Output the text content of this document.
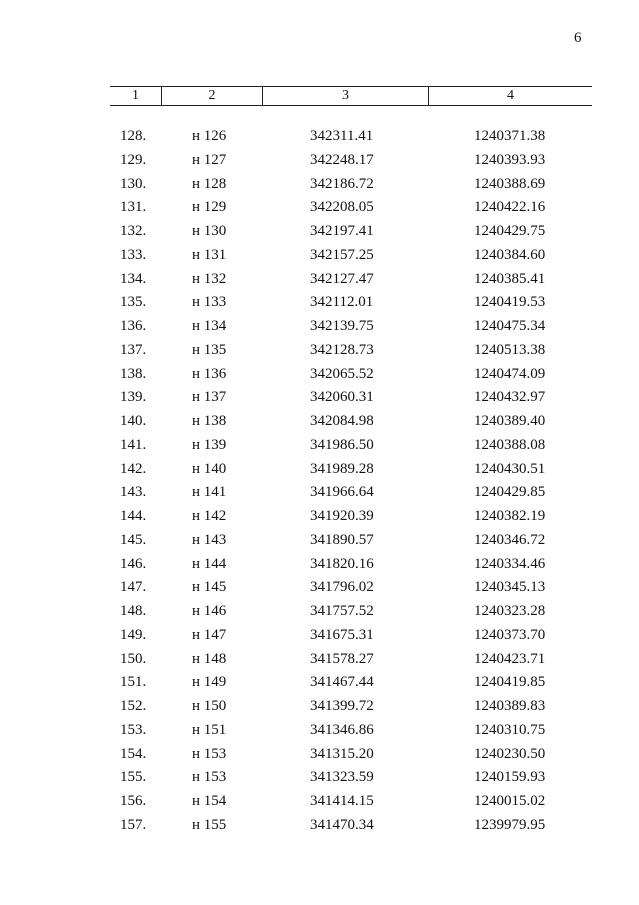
6
1	2	3	4
128.	н 126	342311.41	1240371.38
129.	н 127	342248.17	1240393.93
130.	н 128	342186.72	1240388.69
131.	н 129	342208.05	1240422.16
132.	н 130	342197.41	1240429.75
133.	н 131	342157.25	1240384.60
134.	н 132	342127.47	1240385.41
135.	н 133	342112.01	1240419.53
136.	н 134	342139.75	1240475.34
137.	н 135	342128.73	1240513.38
138.	н 136	342065.52	1240474.09
139.	н 137	342060.31	1240432.97
140.	н 138	342084.98	1240389.40
141.	н 139	341986.50	1240388.08
142.	н 140	341989.28	1240430.51
143.	н 141	341966.64	1240429.85
144.	н 142	341920.39	1240382.19
145.	н 143	341890.57	1240346.72
146.	н 144	341820.16	1240334.46
147.	н 145	341796.02	1240345.13
148.	н 146	341757.52	1240323.28
149.	н 147	341675.31	1240373.70
150.	н 148	341578.27	1240423.71
151.	н 149	341467.44	1240419.85
152.	н 150	341399.72	1240389.83
153.	н 151	341346.86	1240310.75
154.	н 153	341315.20	1240230.50
155.	н 153	341323.59	1240159.93
156.	н 154	341414.15	1240015.02
157.	н 155	341470.34	1239979.95
